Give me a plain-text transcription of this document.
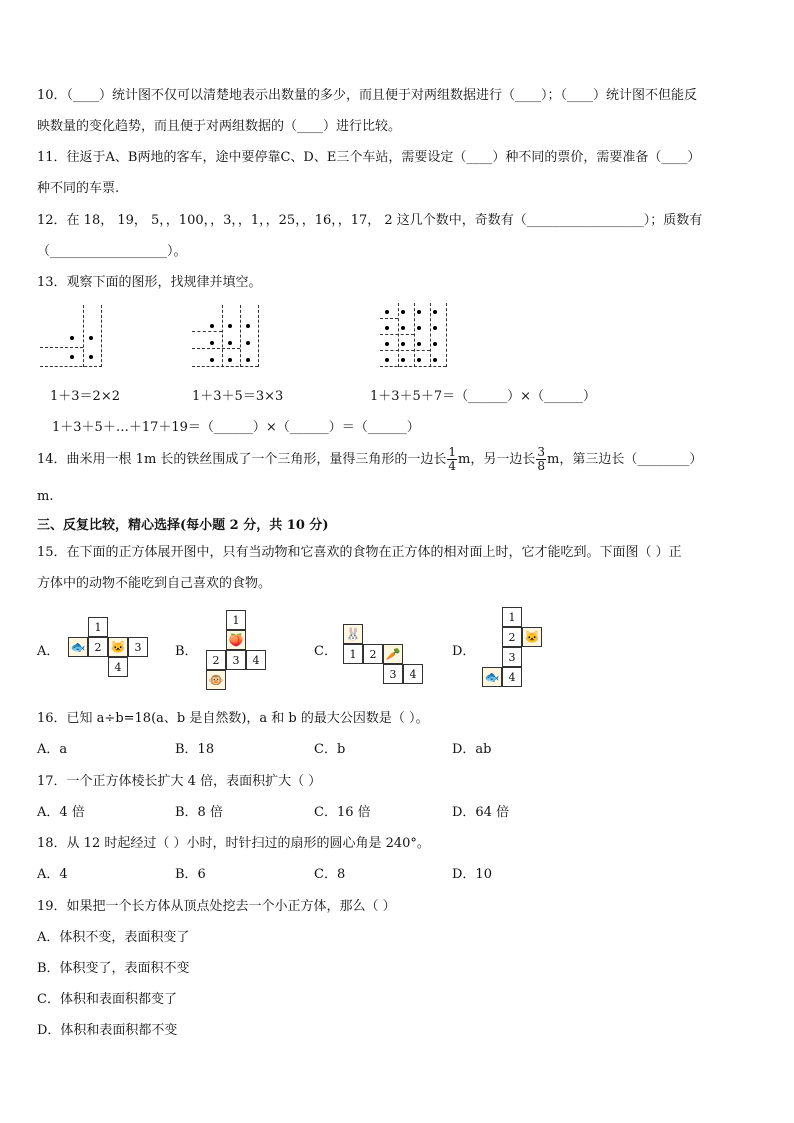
10．（____）统计图不仅可以清楚地表示出数量的多少，而且便于对两组数据进行（____）；（____）统计图不但能反
映数量的变化趋势，而且便于对两组数据的（____）进行比较。
11．往返于A、B两地的客车，途中要停靠C、D、E三个车站，需要设定（____）种不同的票价，需要准备（____）
种不同的车票.
12．在 18， 19， 5，，100，，3，，1，，25，，16，，17， 2 这几个数中，奇数有（__________________）；质数有
（__________________）。
13．观察下面的图形，找规律并填空。
1＋3＝2×2	1＋3＋5＝3×3	1＋3＋5＋7＝（______）×（______）
1＋3＋5＋…＋17＋19＝（______）×（______）＝（______）
14．曲米用一根 1m 长的铁丝围成了一个三角形，量得三角形的一边长 $\frac{1}{4}$ m，另一边长 $\frac{3}{8}$ m，第三边长（________）
m.
三、反复比较，精心选择(每小题 2 分，共 10 分)
15．在下面的正方体展开图中，只有当动物和它喜欢的食物在正方体的相对面上时，它才能吃到。下面图（ ）正
方体中的动物不能吃到自己喜欢的食物。
A．
1
🐟 2 🐱 3
4
B．
1
🍑
2	3	4
🐵
C．
🐰
1	2 🥕
3	4
D．
1
2 🐱
3
🐟 4
16．已知 a÷b=18(a、b 是自然数)，a 和 b 的最大公因数是（ ）。
A．a	B．18	C．b	D．ab
17．一个正方体棱长扩大 4 倍，表面积扩大（ ）
A．4 倍	B．8 倍	C．16 倍	D．64 倍
18．从 12 时起经过（ ）小时，时针扫过的扇形的圆心角是 240°。
A．4	B．6	C．8	D．10
19．如果把一个长方体从顶点处挖去一个小正方体，那么（ ）
A．体积不变，表面积变了
B．体积变了，表面积不变
C．体积和表面积都变了
D．体积和表面积都不变
